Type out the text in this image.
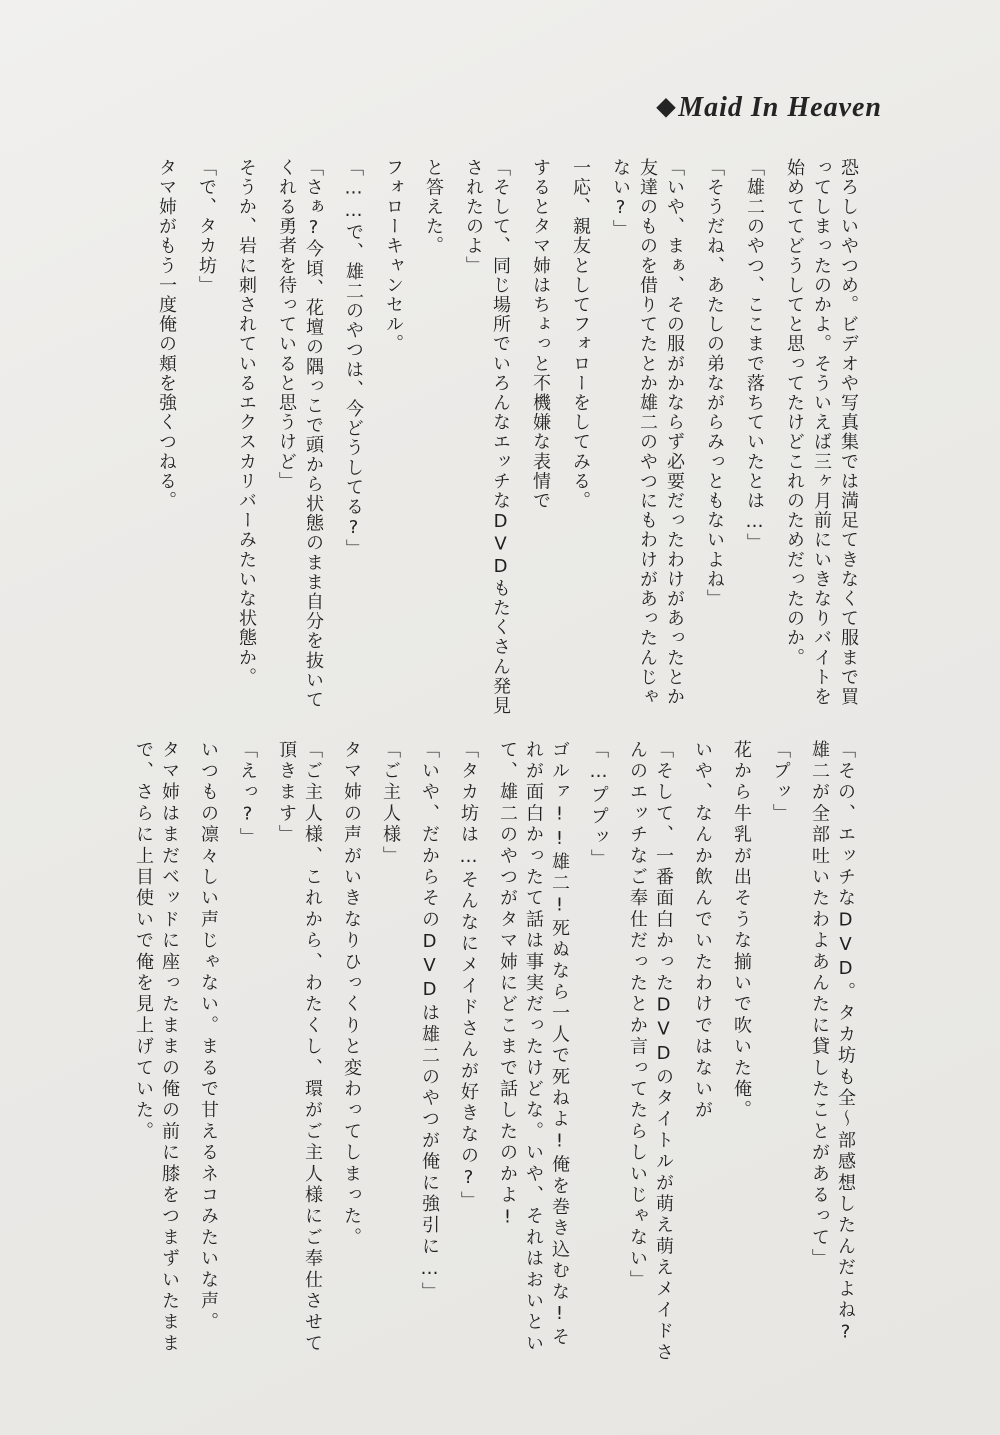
◆Maid In Heaven

恐ろしいやつめ。ビデオや写真集では満足てきなくて服まで買ってしまったのかよ。そういえば三ヶ月前にいきなりバイトを始めててどうしてと思ってたけどこれのためだったのか。

「雄二のやつ、ここまで落ちていたとは…」

「そうだね、あたしの弟ながらみっともないよね」

「いや、まぁ、その服がかならず必要だったわけがあったとか友達のものを借りてたとか雄二のやつにもわけがあったんじゃない?」

一応、親友としてフォローをしてみる。

するとタマ姉はちょっと不機嫌な表情で

「そして、同じ場所でいろんなエッチなDVDもたくさん発見されたのよ」

と答えた。

フォローキャンセル。

「……で、雄二のやつは、今どうしてる?」

「さぁ?今頃、花壇の隅っこで頭から状態のまま自分を抜いてくれる勇者を待っていると思うけど」

そうか、岩に刺されているエクスカリバーみたいな状態か。

「で、タカ坊」

タマ姉がもう一度俺の頬を強くつねる。

「その、エッチなDVD。タカ坊も全〜部感想したんだよね?雄二が全部吐いたわよあんたに貸したことがあるって」

「プッ」

花から牛乳が出そうな揃いで吹いた俺。

いや、なんか飲んでいたわけではないが

「そして、一番面白かったDVDのタイトルが萌え萌えメイドさんのエッチなご奉仕だったとか言ってたらしいじゃない」

「…ププッ」

ゴルァ!!雄二!死ぬなら一人で死ねよ!俺を巻き込むな!それが面白かったて話は事実だったけどな。いや、それはおいといて、雄二のやつがタマ姉にどこまで話したのかよ!

「タカ坊は…そんなにメイドさんが好きなの?」

「いや、だからそのDVDは雄二のやつが俺に強引に…」

「ご主人様」

タマ姉の声がいきなりひっくりと変わってしまった。

「ご主人様、これから、わたくし、環がご主人様にご奉仕させて頂きます」

「えっ?」

いつもの凛々しい声じゃない。まるで甘えるネコみたいな声。

タマ姉はまだベッドに座ったままの俺の前に膝をつまずいたままで、さらに上目使いで俺を見上げていた。
